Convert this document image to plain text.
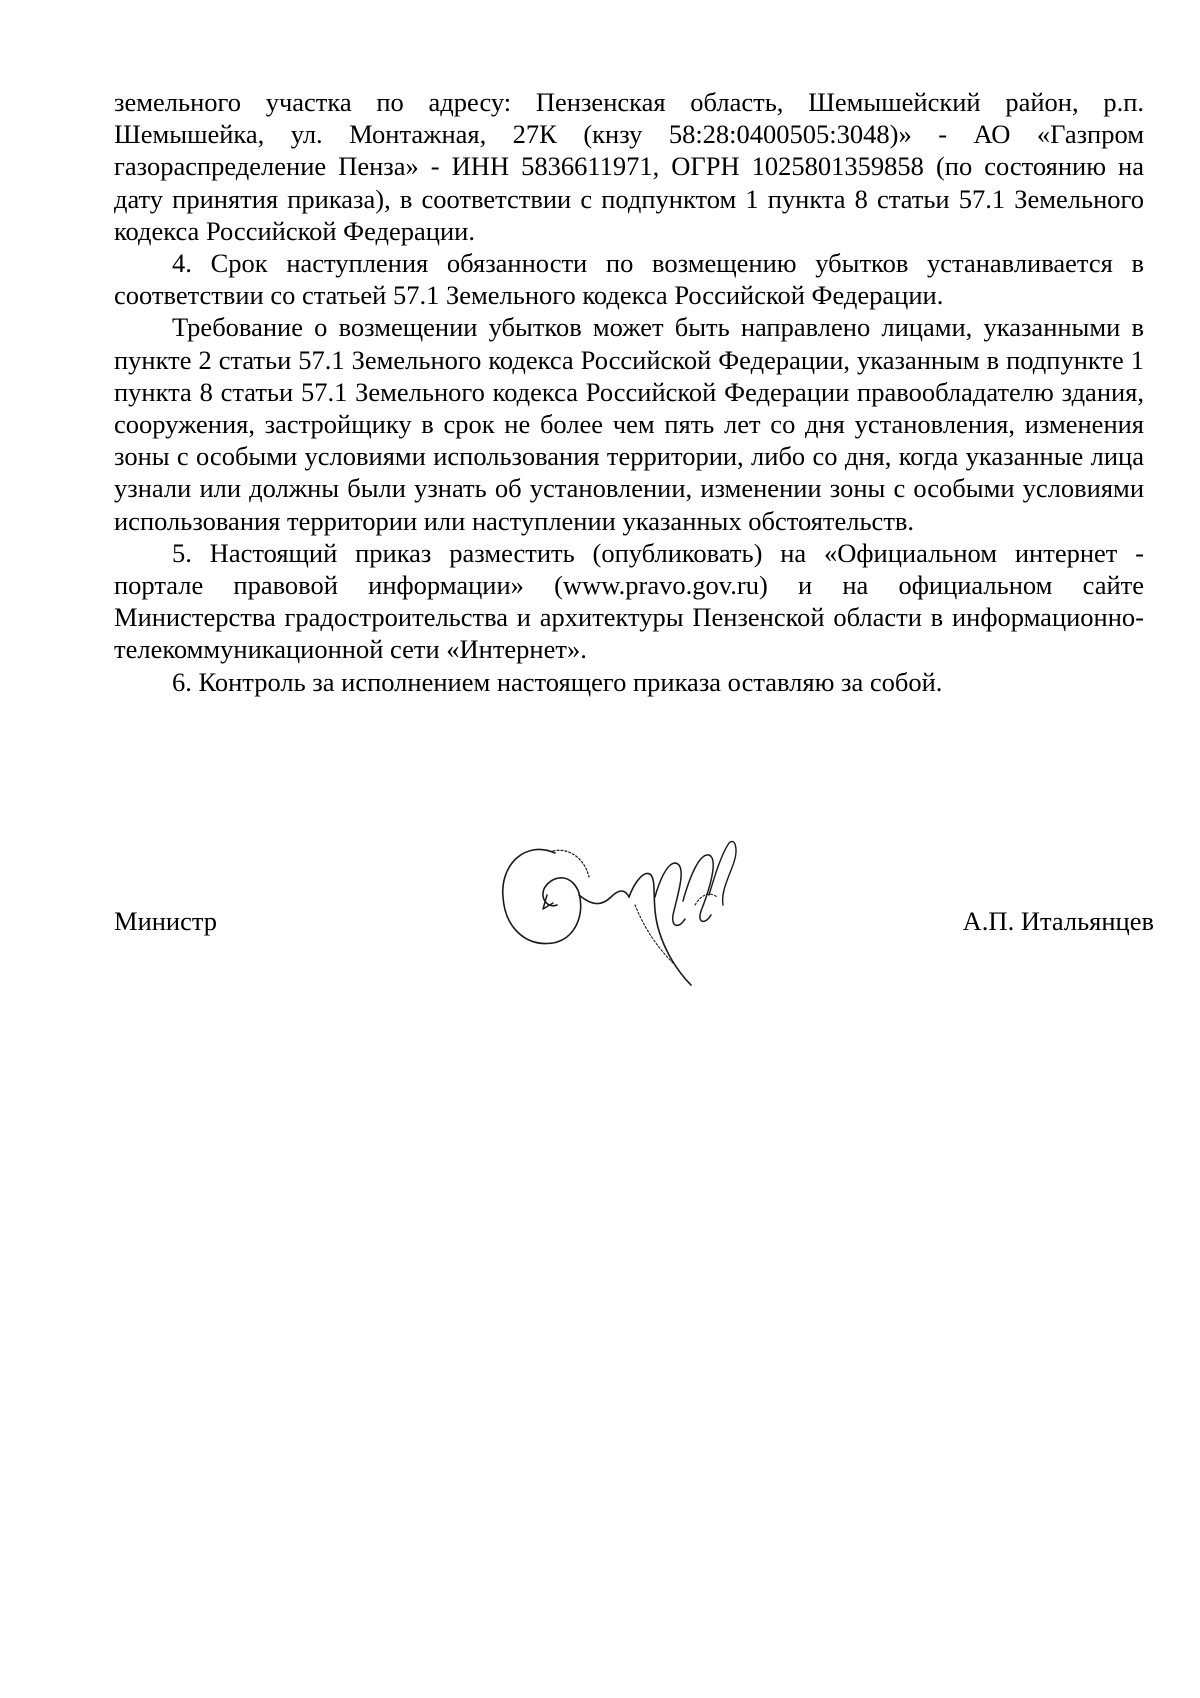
земельного участка по адресу: Пензенская область, Шемышейский район, р.п. Шемышейка, ул. Монтажная, 27К (кнзу 58:28:0400505:3048)» - АО «Газпром газораспределение Пенза» - ИНН 5836611971, ОГРН 1025801359858 (по состоянию на дату принятия приказа), в соответствии с подпунктом 1 пункта 8 статьи 57.1 Земельного кодекса Российской Федерации.

4. Срок наступления обязанности по возмещению убытков устанавливается в соответствии со статьей 57.1 Земельного кодекса Российской Федерации.

Требование о возмещении убытков может быть направлено лицами, указанными в пункте 2 статьи 57.1 Земельного кодекса Российской Федерации, указанным в подпункте 1 пункта 8 статьи 57.1 Земельного кодекса Российской Федерации правообладателю здания, сооружения, застройщику в срок не более чем пять лет со дня установления, изменения зоны с особыми условиями использования территории, либо со дня, когда указанные лица узнали или должны были узнать об установлении, изменении зоны с особыми условиями использования территории или наступлении указанных обстоятельств.

5. Настоящий приказ разместить (опубликовать) на «Официальном интернет - портале правовой информации» (www.pravo.gov.ru) и на официальном сайте Министерства градостроительства и архитектуры Пензенской области в информационно-телекоммуникационной сети «Интернет».

6. Контроль за исполнением настоящего приказа оставляю за собой.

Министр	А.П. Итальянцев
